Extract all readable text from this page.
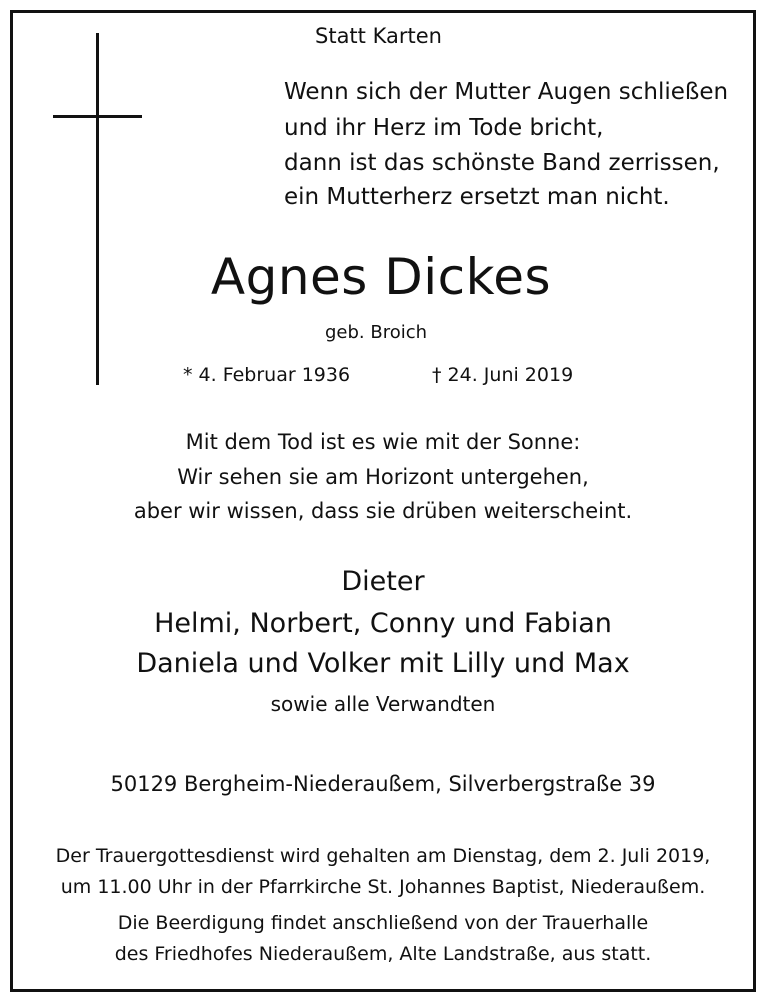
Statt Karten
Wenn sich der Mutter Augen schließen
und ihr Herz im Tode bricht,
dann ist das schönste Band zerrissen,
ein Mutterherz ersetzt man nicht.
Agnes Dickes
geb. Broich
* 4. Februar 1936	† 24. Juni 2019
Mit dem Tod ist es wie mit der Sonne:
Wir sehen sie am Horizont untergehen,
aber wir wissen, dass sie drüben weiterscheint.
Dieter
Helmi, Norbert, Conny und Fabian
Daniela und Volker mit Lilly und Max
sowie alle Verwandten
50129 Bergheim-Niederaußem, Silverbergstraße 39
Der Trauergottesdienst wird gehalten am Dienstag, dem 2. Juli 2019,
um 11.00 Uhr in der Pfarrkirche St. Johannes Baptist, Niederaußem.
Die Beerdigung findet anschließend von der Trauerhalle
des Friedhofes Niederaußem, Alte Landstraße, aus statt.
